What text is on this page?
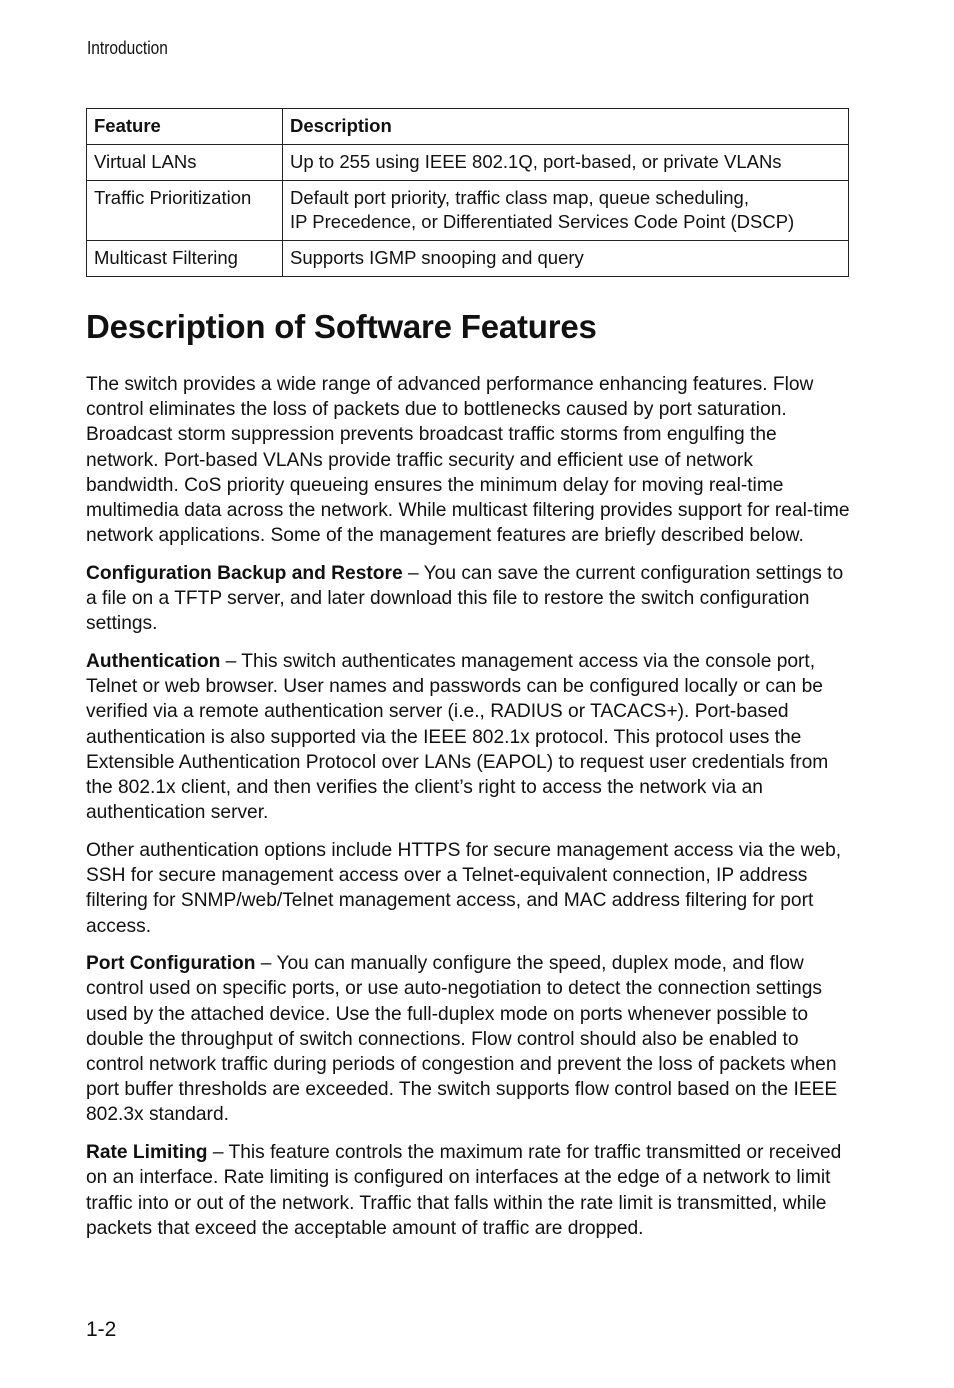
Introduction
Feature	Description
Virtual LANs	Up to 255 using IEEE 802.1Q, port-based, or private VLANs
Traffic Prioritization	Default port priority, traffic class map, queue scheduling,
IP Precedence, or Differentiated Services Code Point (DSCP)
Multicast Filtering	Supports IGMP snooping and query
Description of Software Features

The switch provides a wide range of advanced performance enhancing features. Flow control eliminates the loss of packets due to bottlenecks caused by port saturation. Broadcast storm suppression prevents broadcast traffic storms from engulfing the network. Port-based VLANs provide traffic security and efficient use of network bandwidth. CoS priority queueing ensures the minimum delay for moving real-time multimedia data across the network. While multicast filtering provides support for real-time network applications. Some of the management features are briefly described below.

Configuration Backup and Restore – You can save the current configuration settings to a file on a TFTP server, and later download this file to restore the switch configuration settings.

Authentication – This switch authenticates management access via the console port, Telnet or web browser. User names and passwords can be configured locally or can be verified via a remote authentication server (i.e., RADIUS or TACACS+). Port-based authentication is also supported via the IEEE 802.1x protocol. This protocol uses the Extensible Authentication Protocol over LANs (EAPOL) to request user credentials from the 802.1x client, and then verifies the client’s right to access the network via an authentication server.

Other authentication options include HTTPS for secure management access via the web, SSH for secure management access over a Telnet-equivalent connection, IP address filtering for SNMP/web/Telnet management access, and MAC address filtering for port access.

Port Configuration – You can manually configure the speed, duplex mode, and flow control used on specific ports, or use auto-negotiation to detect the connection settings used by the attached device. Use the full-duplex mode on ports whenever possible to double the throughput of switch connections. Flow control should also be enabled to control network traffic during periods of congestion and prevent the loss of packets when port buffer thresholds are exceeded. The switch supports flow control based on the IEEE 802.3x standard.

Rate Limiting – This feature controls the maximum rate for traffic transmitted or received on an interface. Rate limiting is configured on interfaces at the edge of a network to limit traffic into or out of the network. Traffic that falls within the rate limit is transmitted, while packets that exceed the acceptable amount of traffic are dropped.

1-2
